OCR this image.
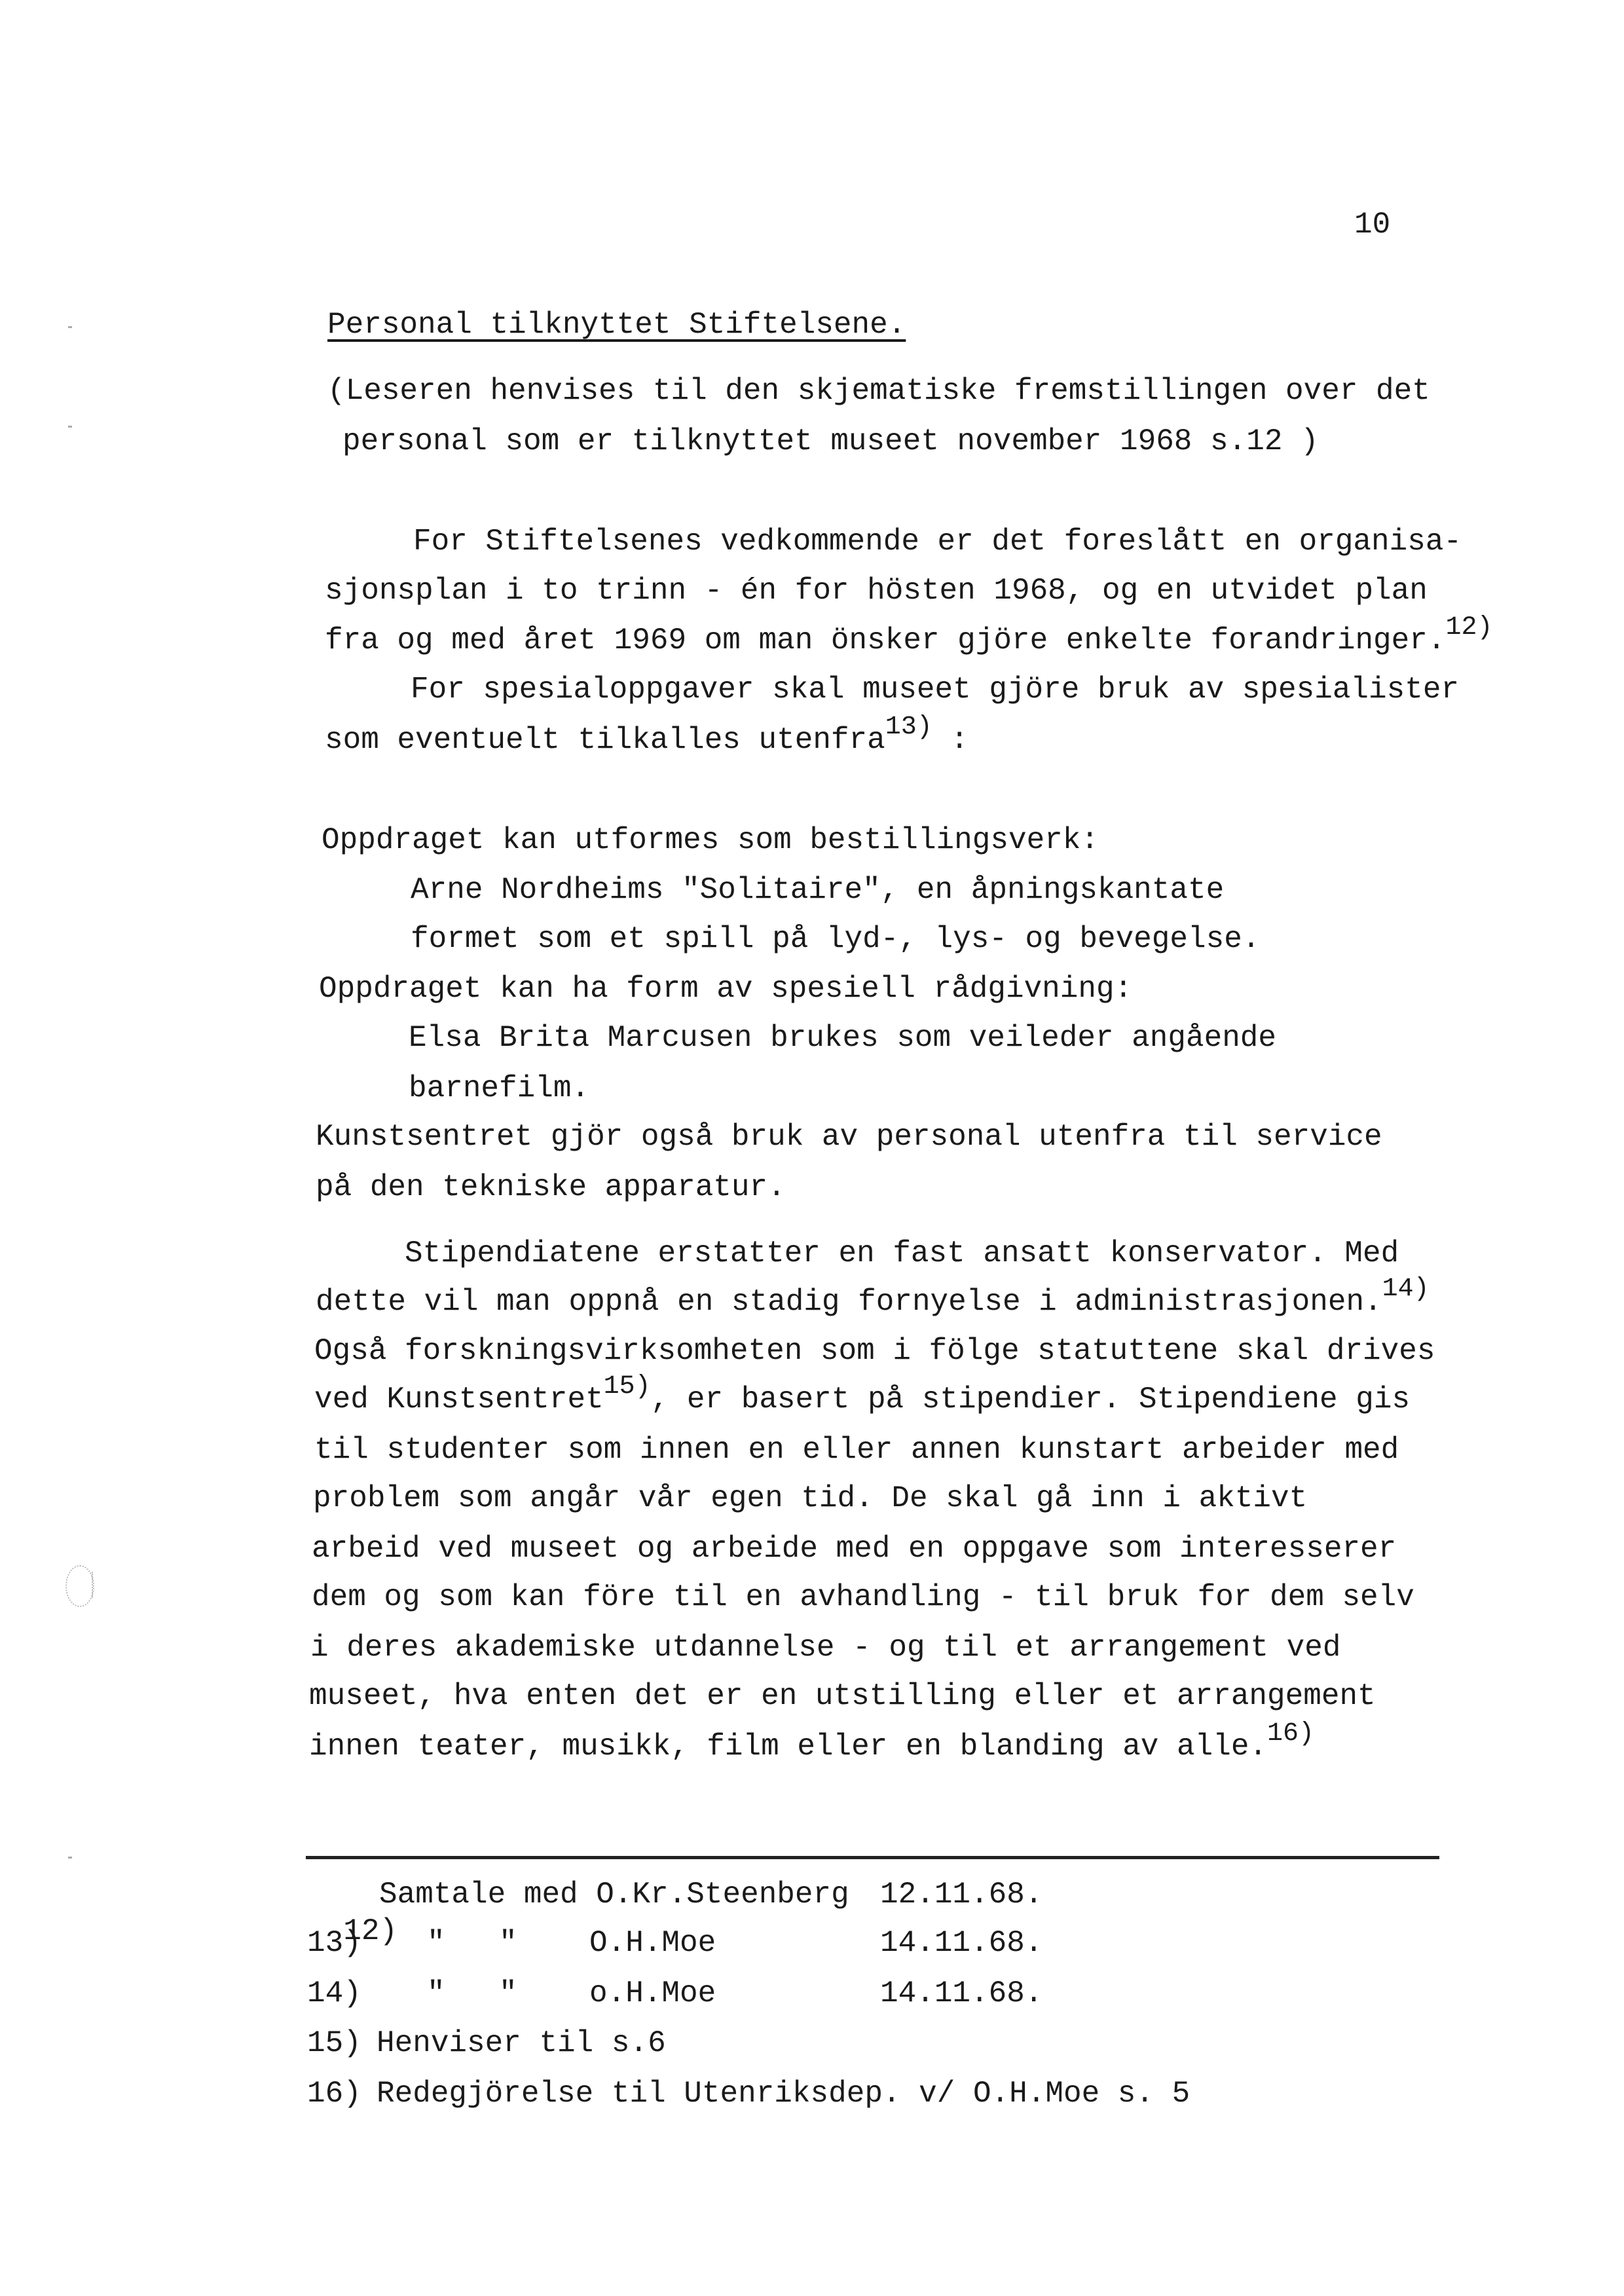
10
Personal tilknyttet Stiftelsene.
(Leseren henvises til den skjematiske fremstillingen over det
personal som er tilknyttet museet november 1968 s.12 )
For Stiftelsenes vedkommende er det foreslått en organisa-
sjonsplan i to trinn - én for hösten 1968, og en utvidet plan
fra og med året 1969 om man önsker gjöre enkelte forandringer.12)
For spesialoppgaver skal museet gjöre bruk av spesialister
som eventuelt tilkalles utenfra13) :
Oppdraget kan utformes som bestillingsverk:
Arne Nordheims "Solitaire", en åpningskantate
formet som et spill på lyd-, lys- og bevegelse.
Oppdraget kan ha form av spesiell rådgivning:
Elsa Brita Marcusen brukes som veileder angående
barnefilm.
Kunstsentret gjör også bruk av personal utenfra til service
på den tekniske apparatur.
Stipendiatene erstatter en fast ansatt konservator. Med
dette vil man oppnå en stadig fornyelse i administrasjonen.14)
Også forskningsvirksomheten som i fölge statuttene skal drives
ved Kunstsentret15), er basert på stipendier. Stipendiene gis
til studenter som innen en eller annen kunstart arbeider med
problem som angår vår egen tid. De skal gå inn i aktivt
arbeid ved museet og arbeide med en oppgave som interesserer
dem og som kan före til en avhandling - til bruk for dem selv
i deres akademiske utdannelse - og til et arrangement ved
museet, hva enten det er en utstilling eller et arrangement
innen teater, musikk, film eller en blanding av alle.16)

12)

Samtale med O.Kr.Steenberg 12.11.68.
13) " " O.H.Moe	14.11.68.
14) " " o.H.Moe	14.11.68.
15) Henviser til s.6
16) Redegjörelse til Utenriksdep. v/ O.H.Moe s. 5
